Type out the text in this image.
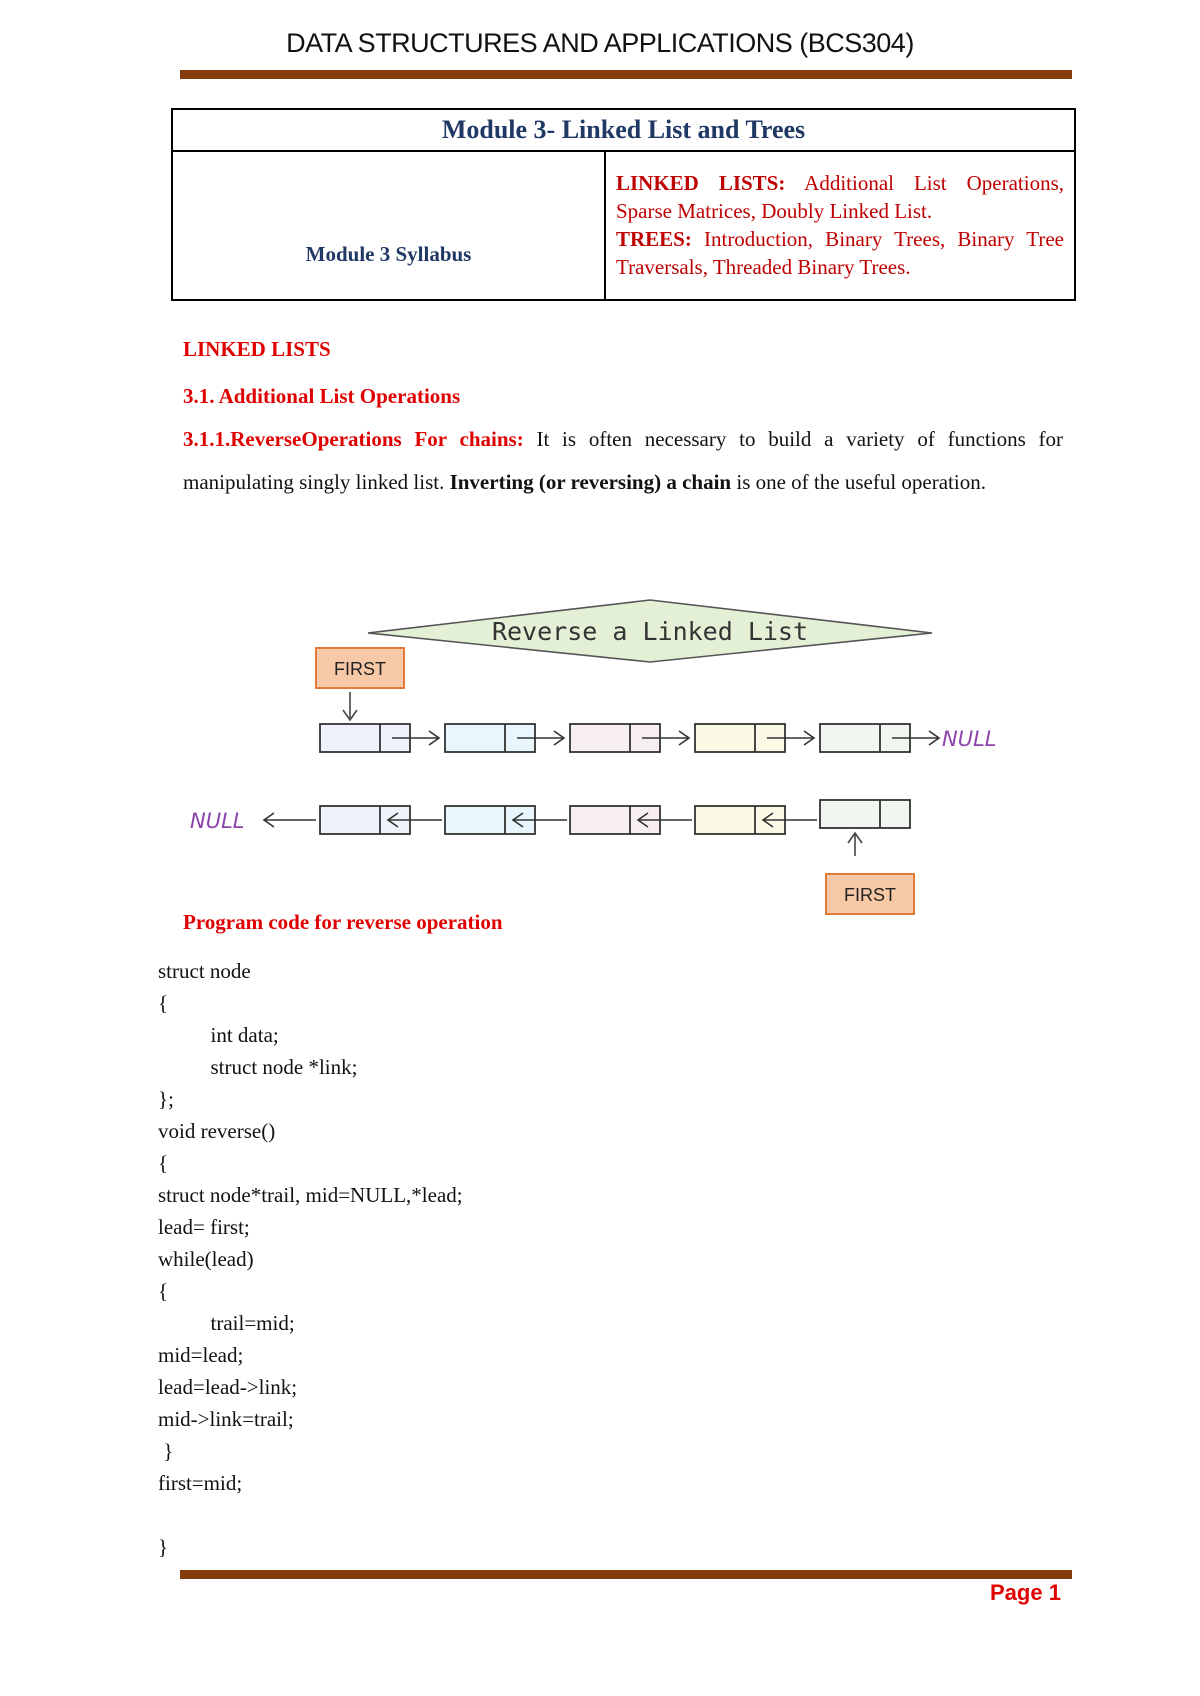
DATA STRUCTURES AND APPLICATIONS (BCS304)
Module 3- Linked List and Trees
Module 3 Syllabus	LINKED LISTS: Additional List Operations, Sparse Matrices, Doubly Linked List.
TREES: Introduction, Binary Trees, Binary Tree Traversals, Threaded Binary Trees.
LINKED LISTS
3.1. Additional List Operations
3.1.1.ReverseOperations For chains: It is often necessary to build a variety of functions for manipulating singly linked list. Inverting (or reversing) a chain is one of the useful operation.
Reverse a Linked List
FIRST
NULL
NULL
FIRST
Program code for reverse operation
struct node
{
int data;
struct node *link;
};
void reverse()
{
struct node*trail, mid=NULL,*lead;
lead= first;
while(lead)
{
trail=mid;
mid=lead;
lead=lead->link;
mid->link=trail;
}
first=mid;

}
Page 1
